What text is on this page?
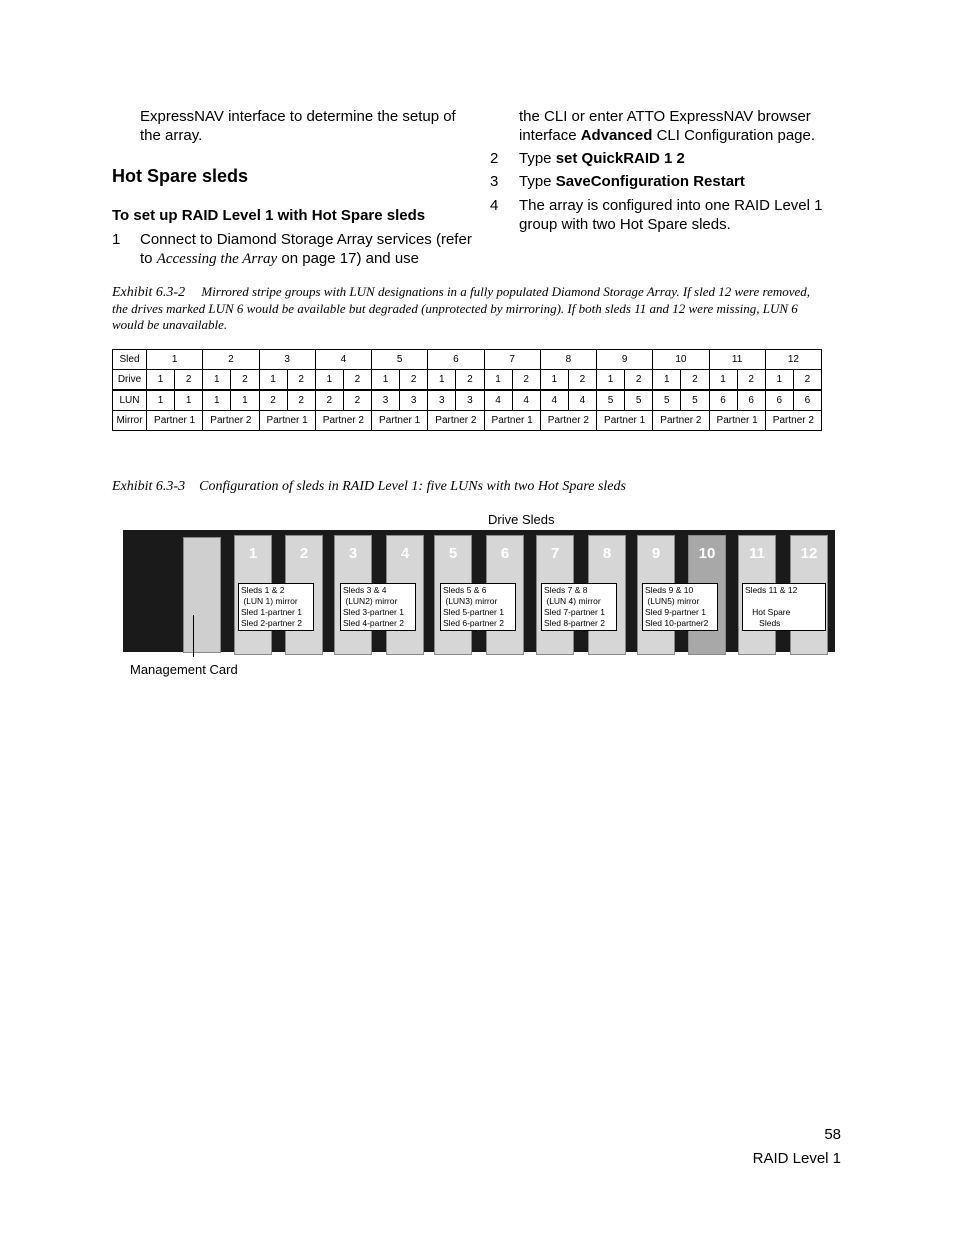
ExpressNAV interface to determine the setup of the array.

Hot Spare sleds
To set up RAID Level 1 with Hot Spare sleds
1 Connect to Diamond Storage Array services (refer to Accessing the Array on page 17) and use

the CLI or enter ATTO ExpressNAV browser interface Advanced CLI Configuration page.

2 Type set QuickRAID 1 2

3 Type SaveConfiguration Restart

4 The array is configured into one RAID Level 1 group with two Hot Spare sleds.

Exhibit 6.3-2 Mirrored stripe groups with LUN designations in a fully populated Diamond Storage Array. If sled 12 were removed, the drives marked LUN 6 would be available but degraded (unprotected by mirroring). If both sleds 11 and 12 were missing, LUN 6 would be unavailable.

Sled	1		2		3		4		5		6		7		8		9		10		11		12	
Drive	1	2	1	2	1	2	1	2	1	2	1	2	1	2	1	2	1	2	1	2	1	2	1	2
LUN	1	1	1	1	2	2	2	2	3	3	3	3	4	4	4	4	5	5	5	5	6	6	6	6
Mirror	Partner 1		Partner 2		Partner 1		Partner 2		Partner 1		Partner 2		Partner 1		Partner 2		Partner 1		Partner 2		Partner 1		Partner 2	

Exhibit 6.3-3 Configuration of sleds in RAID Level 1: five LUNs with two Hot Spare sleds

Drive Sleds
1	2	3	4	5	6	7	8	9	10	11	12
Sleds 1 & 2
(LUN 1) mirror
Sled 1-partner 1
Sled 2-partner 2
Sleds 3 & 4
(LUN2) mirror
Sled 3-partner 1
Sled 4-partner 2
Sleds 5 & 6
(LUN3) mirror
Sled 5-partner 1
Sled 6-partner 2
Sleds 7 & 8
(LUN 4) mirror
Sled 7-partner 1
Sled 8-partner 2
Sleds 9 & 10
(LUN5) mirror
Sled 9-partner 1
Sled 10-partner2
Sleds 11 & 12

Hot Spare
Sleds
Management Card
58
RAID Level 1
